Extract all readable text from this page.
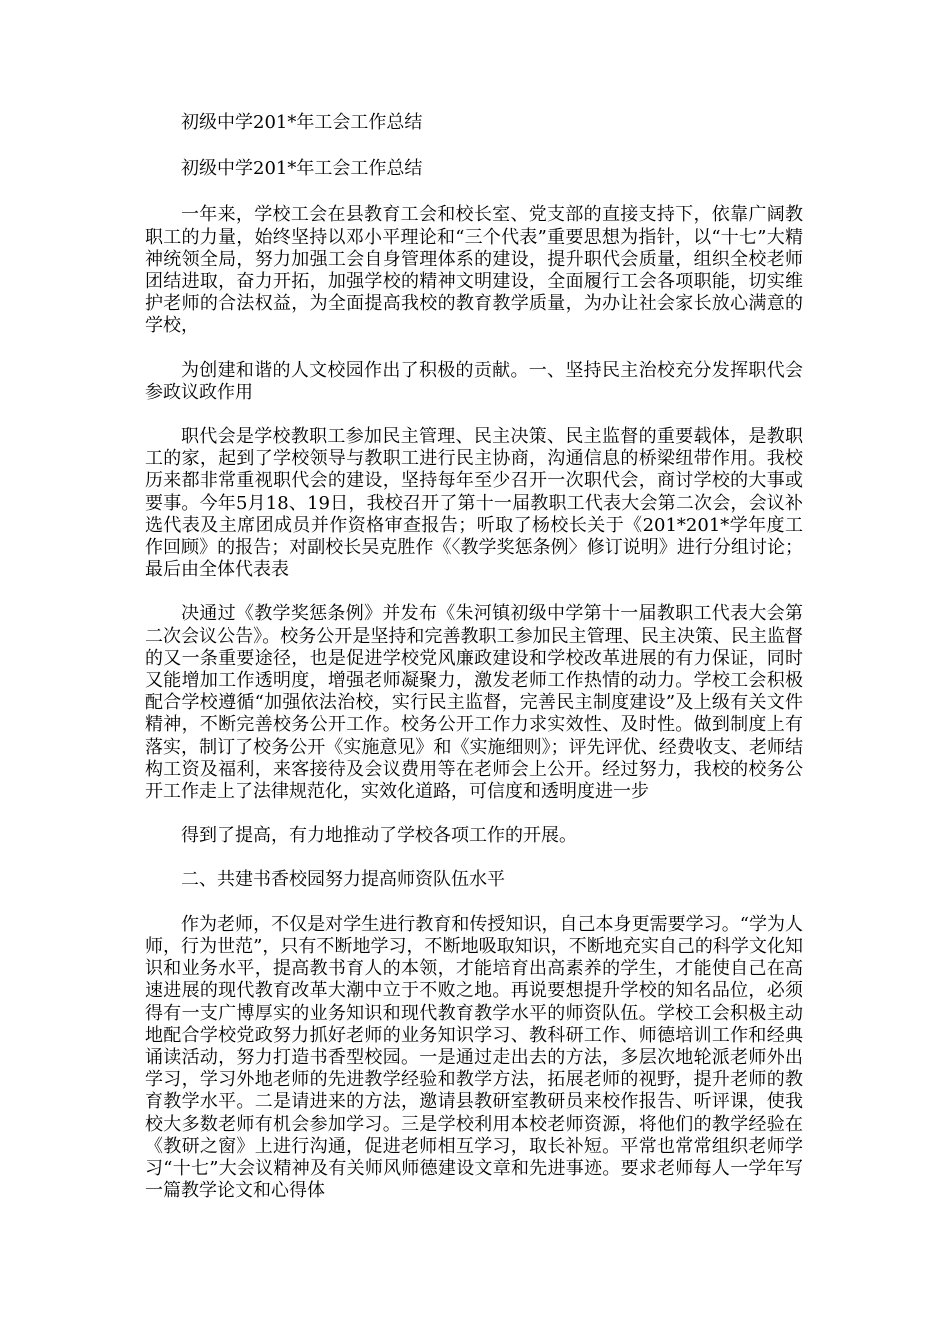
初级中学201*年工会工作总结

初级中学201*年工会工作总结

一年来，学校工会在县教育工会和校长室、党支部的直接支持下，依靠广阔教职工的力量，始终坚持以邓小平理论和“三个代表”重要思想为指针，以“十七”大精神统领全局，努力加强工会自身管理体系的建设，提升职代会质量，组织全校老师团结进取，奋力开拓，加强学校的精神文明建设，全面履行工会各项职能，切实维护老师的合法权益，为全面提高我校的教育教学质量，为办让社会家长放心满意的学校，

为创建和谐的人文校园作出了积极的贡献。一、坚持民主治校充分发挥职代会参政议政作用

职代会是学校教职工参加民主管理、民主决策、民主监督的重要载体，是教职工的家，起到了学校领导与教职工进行民主协商，沟通信息的桥梁纽带作用。我校历来都非常重视职代会的建设，坚持每年至少召开一次职代会，商讨学校的大事或要事。今年5月18、19日，我校召开了第十一届教职工代表大会第二次会，会议补选代表及主席团成员并作资格审查报告；听取了杨校长关于《201*201*学年度工作回顾》的报告；对副校长吴克胜作《〈教学奖惩条例〉修订说明》进行分组讨论；最后由全体代表表

决通过《教学奖惩条例》并发布《朱河镇初级中学第十一届教职工代表大会第二次会议公告》。校务公开是坚持和完善教职工参加民主管理、民主决策、民主监督的又一条重要途径，也是促进学校党风廉政建设和学校改革进展的有力保证，同时又能增加工作透明度，增强老师凝聚力，激发老师工作热情的动力。学校工会积极配合学校遵循“加强依法治校，实行民主监督，完善民主制度建设”及上级有关文件精神，不断完善校务公开工作。校务公开工作力求实效性、及时性。做到制度上有落实，制订了校务公开《实施意见》和《实施细则》；评先评优、经费收支、老师结构工资及福利，来客接待及会议费用等在老师会上公开。经过努力，我校的校务公开工作走上了法律规范化，实效化道路，可信度和透明度进一步

得到了提高，有力地推动了学校各项工作的开展。

二、共建书香校园努力提高师资队伍水平

作为老师，不仅是对学生进行教育和传授知识，自己本身更需要学习。“学为人师，行为世范”，只有不断地学习，不断地吸取知识，不断地充实自己的科学文化知识和业务水平，提高教书育人的本领，才能培育出高素养的学生，才能使自己在高速进展的现代教育改革大潮中立于不败之地。再说要想提升学校的知名品位，必须得有一支广博厚实的业务知识和现代教育教学水平的师资队伍。学校工会积极主动地配合学校党政努力抓好老师的业务知识学习、教科研工作、师德培训工作和经典诵读活动，努力打造书香型校园。一是通过走出去的方法，多层次地轮派老师外出学习，学习外地老师的先进教学经验和教学方法，拓展老师的视野，提升老师的教育教学水平。二是请进来的方法，邀请县教研室教研员来校作报告、听评课，使我校大多数老师有机会参加学习。三是学校利用本校老师资源，将他们的教学经验在《教研之窗》上进行沟通，促进老师相互学习，取长补短。平常也常常组织老师学习“十七”大会议精神及有关师风师德建设文章和先进事迹。要求老师每人一学年写一篇教学论文和心得体
